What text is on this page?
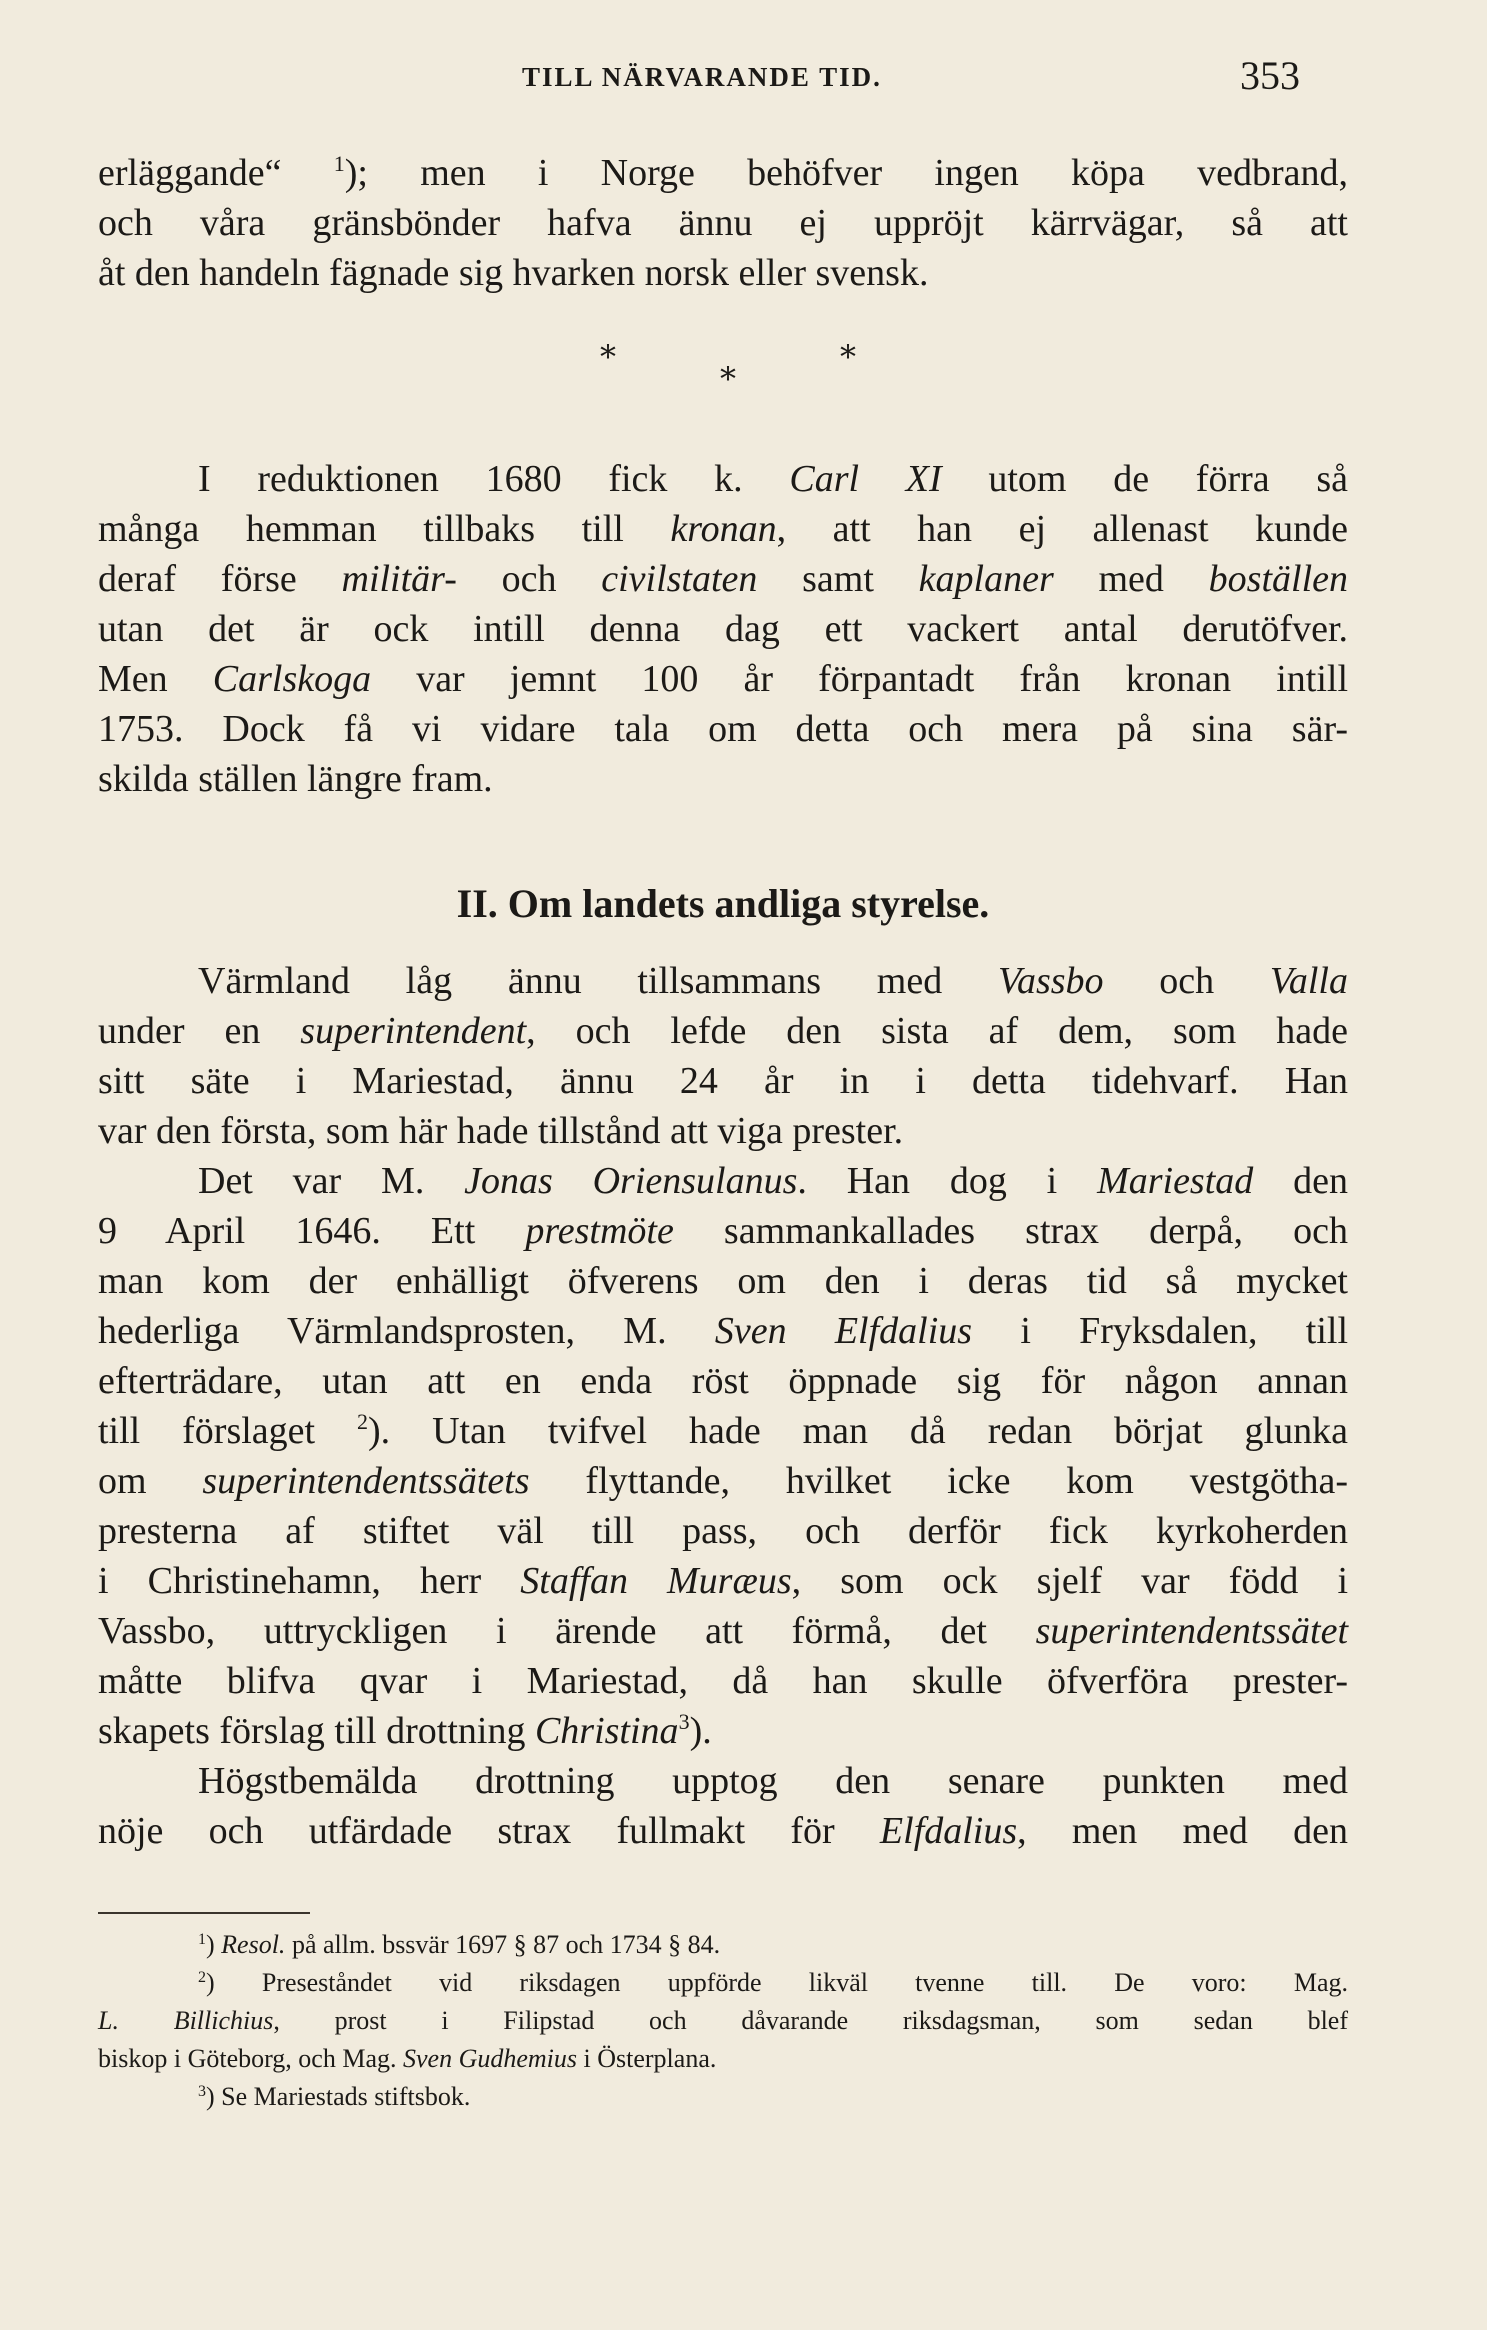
TILL NÄRVARANDE TID.	353
erläggande“ $^1$); men i Norge behöfver ingen köpa vedbrand,
och våra gränsbönder hafva ännu ej uppröjt kärrvägar, så att
åt den handeln fägnade sig hvarken norsk eller svensk.
*	*
*
I reduktionen 1680 fick k. Carl XI utom de förra så
många hemman tillbaks till kronan, att han ej allenast kunde
deraf förse militär- och civilstaten samt kaplaner med boställen
utan det är ock intill denna dag ett vackert antal derutöfver.
Men Carlskoga var jemnt 100 år förpantadt från kronan intill
1753. Dock få vi vidare tala om detta och mera på sina sär-
skilda ställen längre fram.
II. Om landets andliga styrelse.
Värmland låg ännu tillsammans med Vassbo och Valla
under en superintendent, och lefde den sista af dem, som hade
sitt säte i Mariestad, ännu 24 år in i detta tidehvarf. Han
var den första, som här hade tillstånd att viga prester.
Det var M. Jonas Oriensulanus. Han dog i Mariestad den
9 April 1646. Ett prestmöte sammankallades strax derpå, och
man kom der enhälligt öfverens om den i deras tid så mycket
hederliga Värmlandsprosten, M. Sven Elfdalius i Fryksdalen, till
efterträdare, utan att en enda röst öppnade sig för någon annan
till förslaget $^2$). Utan tvifvel hade man då redan börjat glunka
om superintendentssätets flyttande, hvilket icke kom vestgötha-
presterna af stiftet väl till pass, och derför fick kyrkoherden
i Christinehamn, herr Staffan Muræus, som ock sjelf var född i
Vassbo, uttryckligen i ärende att förmå, det superintendentssätet
måtte blifva qvar i Mariestad, då han skulle öfverföra prester-
skapets förslag till drottning Christina$^3$).
Högstbemälda drottning upptog den senare punkten med
nöje och utfärdade strax fullmakt för Elfdalius, men med den
$^1$) Resol. på allm. bssvär 1697 § 87 och 1734 § 84.
$^2$) Preseståndet vid riksdagen uppförde likväl tvenne till. De voro: Mag.
L. Billichius, prost i Filipstad och dåvarande riksdagsman, som sedan blef
biskop i Göteborg, och Mag. Sven Gudhemius i Österplana.
$^3$) Se Mariestads stiftsbok.
